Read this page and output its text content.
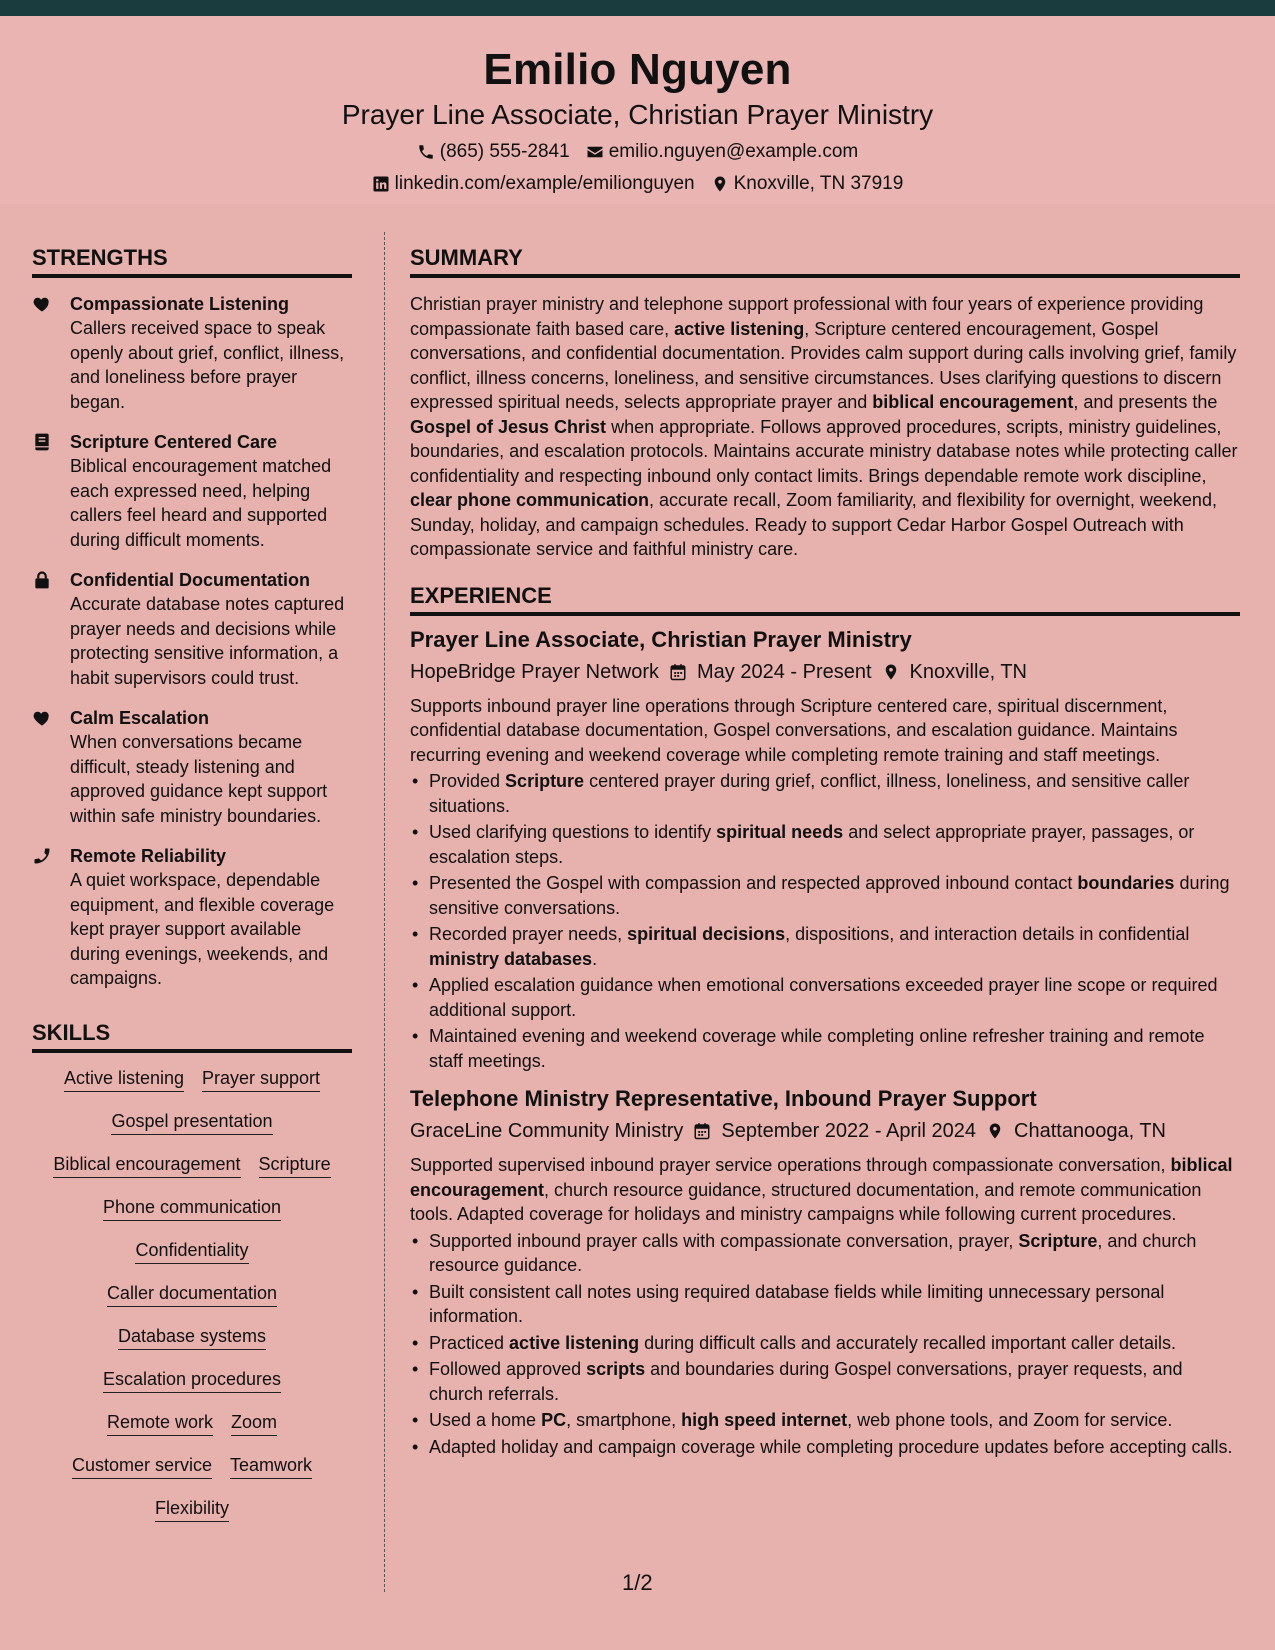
Emilio Nguyen
Prayer Line Associate, Christian Prayer Ministry
(865) 555-2841 emilio.nguyen@example.com
linkedin.com/example/emilionguyen Knoxville, TN 37919
STRENGTHS
Compassionate Listening
Callers received space to speak openly about grief, conflict, illness, and loneliness before prayer began.
Scripture Centered Care
Biblical encouragement matched each expressed need, helping callers feel heard and supported during difficult moments.
Confidential Documentation
Accurate database notes captured prayer needs and decisions while protecting sensitive information, a habit supervisors could trust.
Calm Escalation
When conversations became difficult, steady listening and approved guidance kept support within safe ministry boundaries.
Remote Reliability
A quiet workspace, dependable equipment, and flexible coverage kept prayer support available during evenings, weekends, and campaigns.
SKILLS
Active listening Prayer support
Gospel presentation
Biblical encouragement Scripture
Phone communication
Confidentiality
Caller documentation
Database systems
Escalation procedures
Remote work Zoom
Customer service Teamwork
Flexibility
SUMMARY

Christian prayer ministry and telephone support professional with four years of experience providing compassionate faith based care, active listening, Scripture centered encouragement, Gospel conversations, and confidential documentation. Provides calm support during calls involving grief, family conflict, illness concerns, loneliness, and sensitive circumstances. Uses clarifying questions to discern expressed spiritual needs, selects appropriate prayer and biblical encouragement, and presents the Gospel of Jesus Christ when appropriate. Follows approved procedures, scripts, ministry guidelines, boundaries, and escalation protocols. Maintains accurate ministry database notes while protecting caller confidentiality and respecting inbound only contact limits. Brings dependable remote work discipline, clear phone communication, accurate recall, Zoom familiarity, and flexibility for overnight, weekend, Sunday, holiday, and campaign schedules. Ready to support Cedar Harbor Gospel Outreach with compassionate service and faithful ministry care.

EXPERIENCE
Prayer Line Associate, Christian Prayer Ministry
HopeBridge Prayer Network May 2024 - Present Knoxville, TN

Supports inbound prayer line operations through Scripture centered care, spiritual discernment, confidential database documentation, Gospel conversations, and escalation guidance. Maintains recurring evening and weekend coverage while completing remote training and staff meetings.

• Provided Scripture centered prayer during grief, conflict, illness, loneliness, and sensitive caller situations.
• Used clarifying questions to identify spiritual needs and select appropriate prayer, passages, or escalation steps.
• Presented the Gospel with compassion and respected approved inbound contact boundaries during sensitive conversations.
• Recorded prayer needs, spiritual decisions, dispositions, and interaction details in confidential ministry databases.
• Applied escalation guidance when emotional conversations exceeded prayer line scope or required additional support.
• Maintained evening and weekend coverage while completing online refresher training and remote staff meetings.
Telephone Ministry Representative, Inbound Prayer Support
GraceLine Community Ministry September 2022 - April 2024 Chattanooga, TN

Supported supervised inbound prayer service operations through compassionate conversation, biblical encouragement, church resource guidance, structured documentation, and remote communication tools. Adapted coverage for holidays and ministry campaigns while following current procedures.

• Supported inbound prayer calls with compassionate conversation, prayer, Scripture, and church resource guidance.
• Built consistent call notes using required database fields while limiting unnecessary personal information.
• Practiced active listening during difficult calls and accurately recalled important caller details.
• Followed approved scripts and boundaries during Gospel conversations, prayer requests, and church referrals.
• Used a home PC, smartphone, high speed internet, web phone tools, and Zoom for service.
• Adapted holiday and campaign coverage while completing procedure updates before accepting calls.
1/2
